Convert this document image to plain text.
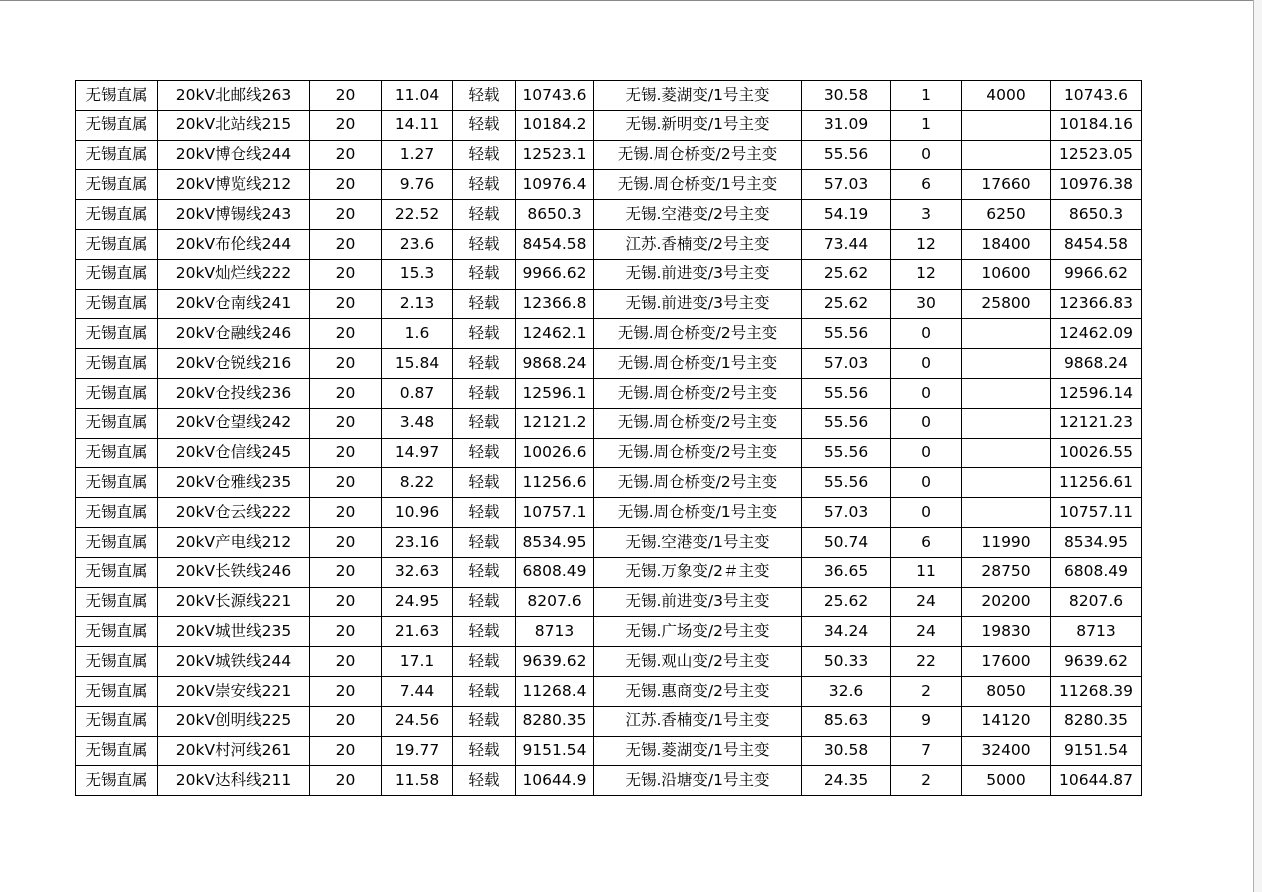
无锡直属	20kV北邮线263	20	11.04	轻载	10743.6	无锡.菱湖变/1号主变	30.58	1	4000	10743.6
无锡直属	20kV北站线215	20	14.11	轻载	10184.2	无锡.新明变/1号主变	31.09	1		10184.16
无锡直属	20kV博仓线244	20	1.27	轻载	12523.1	无锡.周仓桥变/2号主变	55.56	0		12523.05
无锡直属	20kV博览线212	20	9.76	轻载	10976.4	无锡.周仓桥变/1号主变	57.03	6	17660	10976.38
无锡直属	20kV博锡线243	20	22.52	轻载	8650.3	无锡.空港变/2号主变	54.19	3	6250	8650.3
无锡直属	20kV布伦线244	20	23.6	轻载	8454.58	江苏.香楠变/2号主变	73.44	12	18400	8454.58
无锡直属	20kV灿烂线222	20	15.3	轻载	9966.62	无锡.前进变/3号主变	25.62	12	10600	9966.62
无锡直属	20kV仓南线241	20	2.13	轻载	12366.8	无锡.前进变/3号主变	25.62	30	25800	12366.83
无锡直属	20kV仓融线246	20	1.6	轻载	12462.1	无锡.周仓桥变/2号主变	55.56	0		12462.09
无锡直属	20kV仓锐线216	20	15.84	轻载	9868.24	无锡.周仓桥变/1号主变	57.03	0		9868.24
无锡直属	20kV仓投线236	20	0.87	轻载	12596.1	无锡.周仓桥变/2号主变	55.56	0		12596.14
无锡直属	20kV仓望线242	20	3.48	轻载	12121.2	无锡.周仓桥变/2号主变	55.56	0		12121.23
无锡直属	20kV仓信线245	20	14.97	轻载	10026.6	无锡.周仓桥变/2号主变	55.56	0		10026.55
无锡直属	20kV仓雅线235	20	8.22	轻载	11256.6	无锡.周仓桥变/2号主变	55.56	0		11256.61
无锡直属	20kV仓云线222	20	10.96	轻载	10757.1	无锡.周仓桥变/1号主变	57.03	0		10757.11
无锡直属	20kV产电线212	20	23.16	轻载	8534.95	无锡.空港变/1号主变	50.74	6	11990	8534.95
无锡直属	20kV长铁线246	20	32.63	轻载	6808.49	无锡.万象变/2＃主变	36.65	11	28750	6808.49
无锡直属	20kV长源线221	20	24.95	轻载	8207.6	无锡.前进变/3号主变	25.62	24	20200	8207.6
无锡直属	20kV城世线235	20	21.63	轻载	8713	无锡.广场变/2号主变	34.24	24	19830	8713
无锡直属	20kV城铁线244	20	17.1	轻载	9639.62	无锡.观山变/2号主变	50.33	22	17600	9639.62
无锡直属	20kV崇安线221	20	7.44	轻载	11268.4	无锡.惠商变/2号主变	32.6	2	8050	11268.39
无锡直属	20kV创明线225	20	24.56	轻载	8280.35	江苏.香楠变/1号主变	85.63	9	14120	8280.35
无锡直属	20kV村河线261	20	19.77	轻载	9151.54	无锡.菱湖变/1号主变	30.58	7	32400	9151.54
无锡直属	20kV达科线211	20	11.58	轻载	10644.9	无锡.沿塘变/1号主变	24.35	2	5000	10644.87
